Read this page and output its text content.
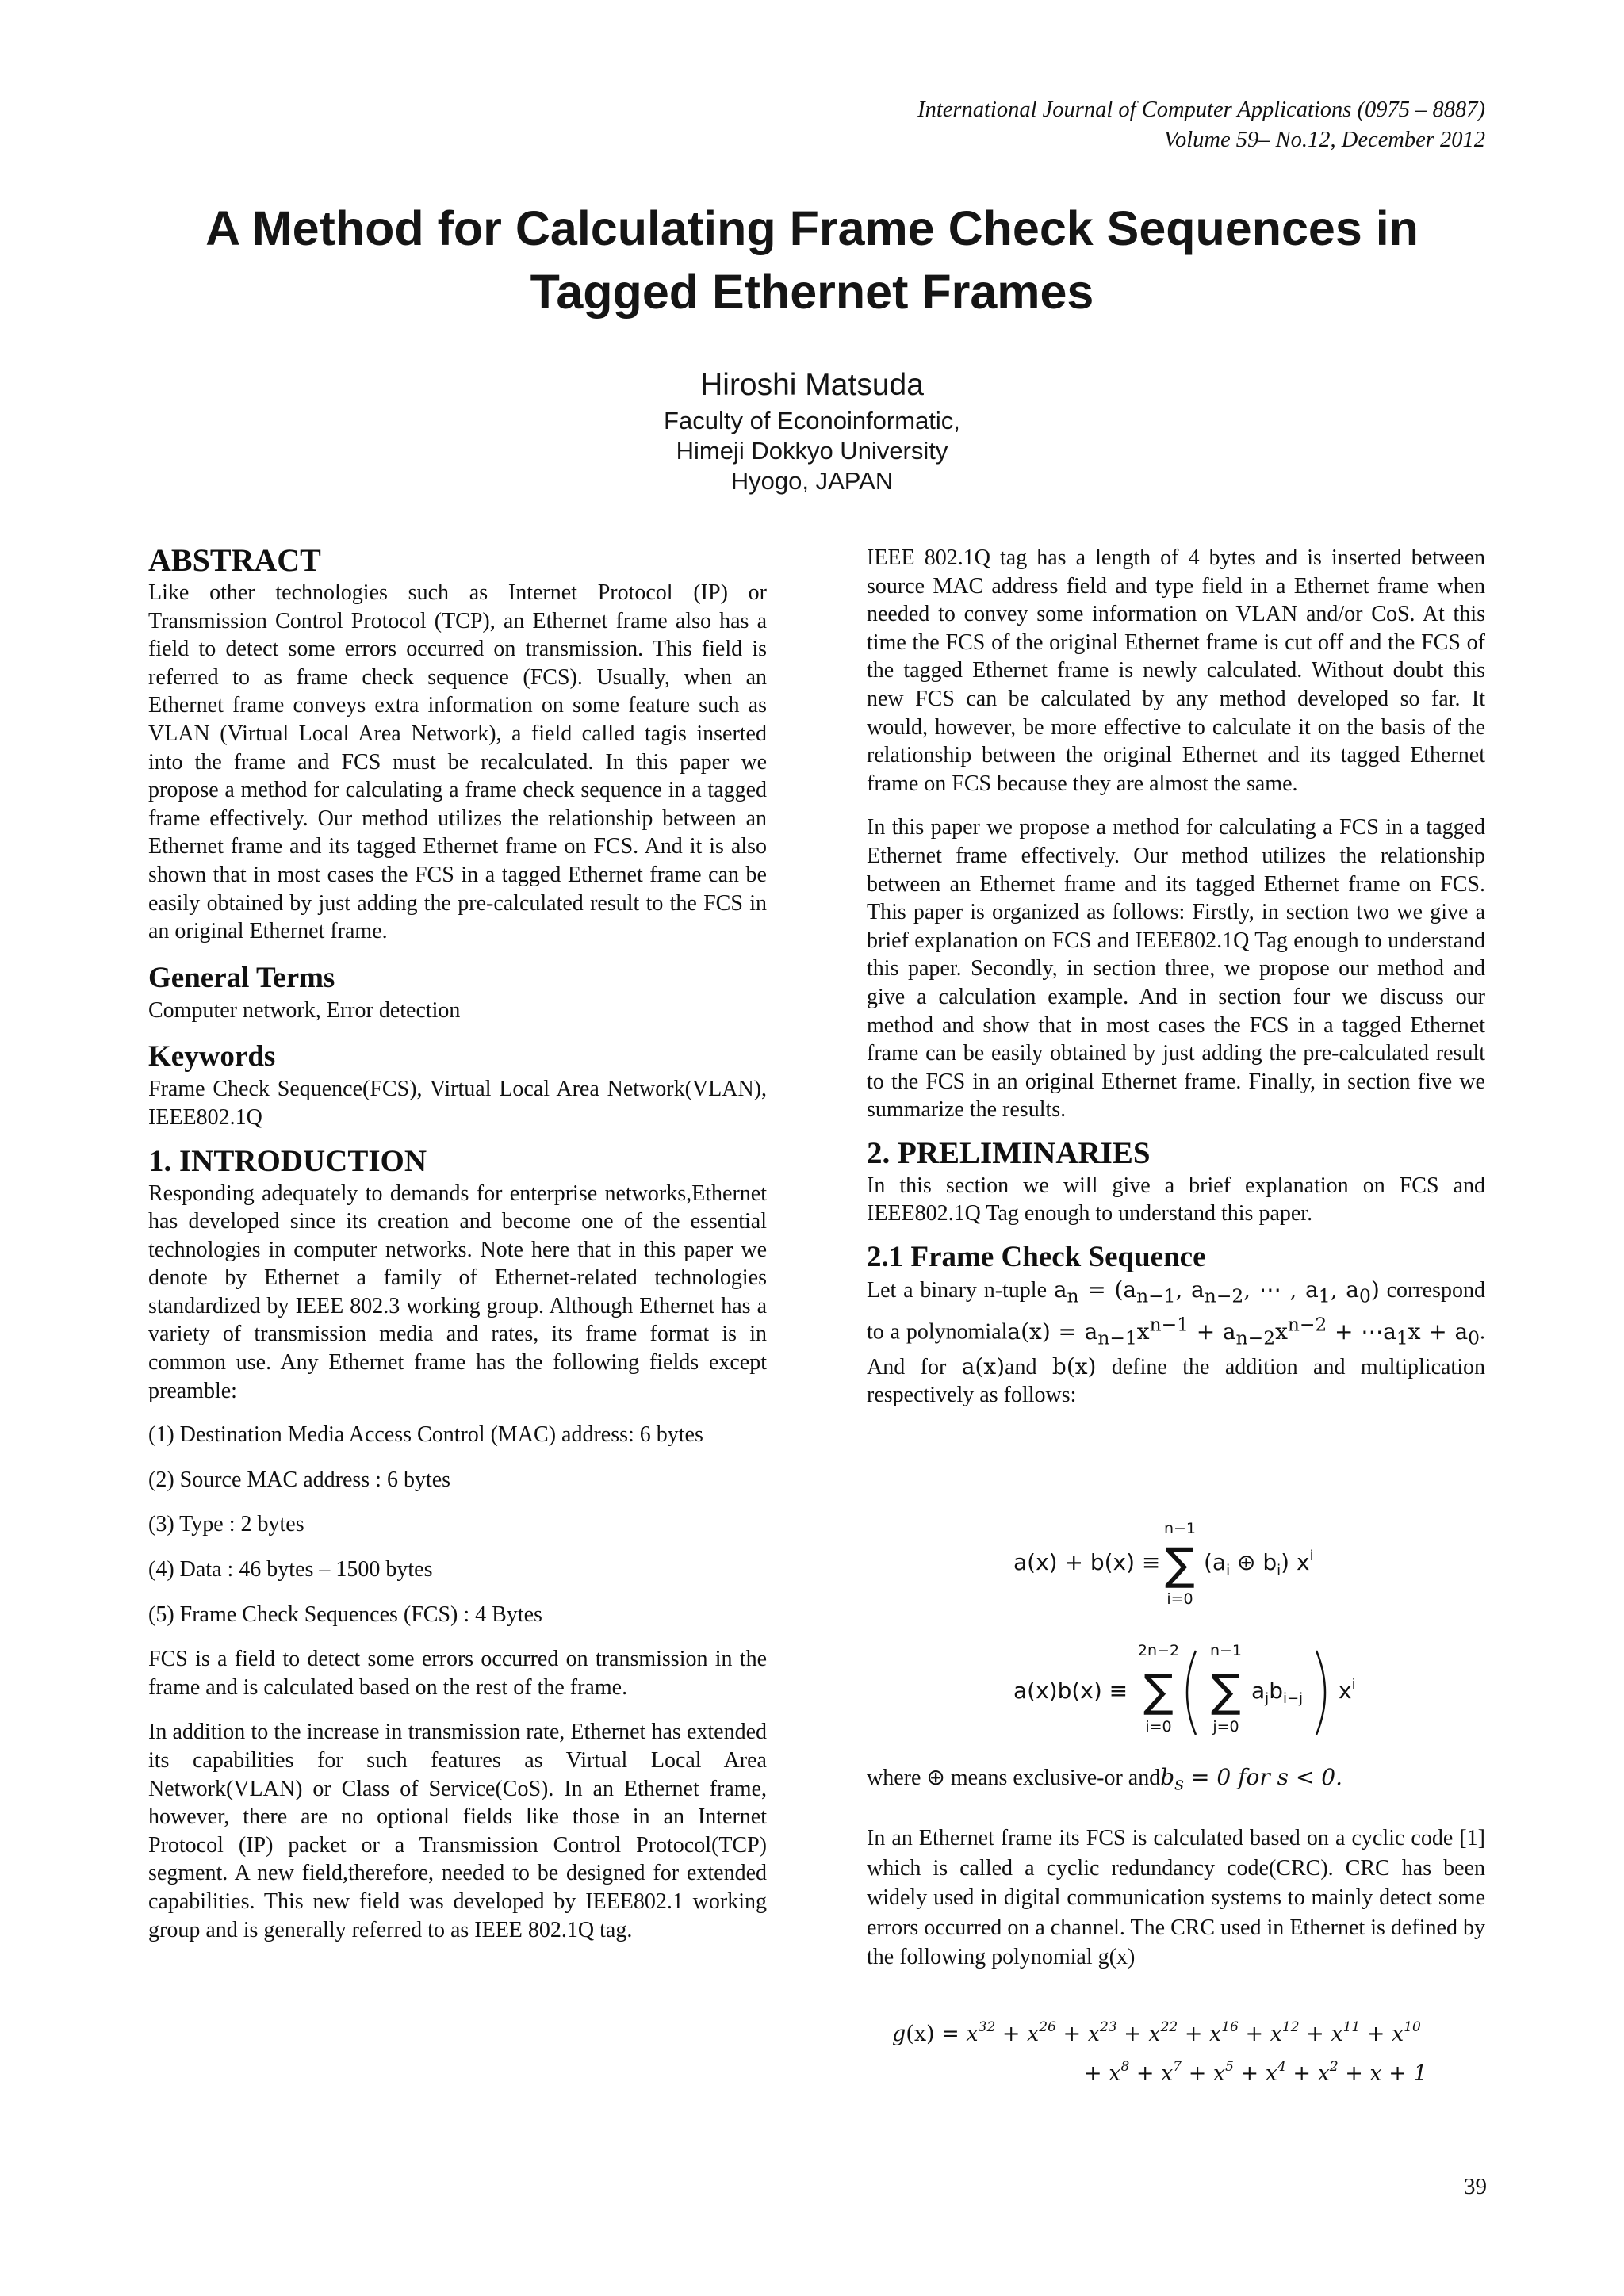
International Journal of Computer Applications (0975 – 8887)
Volume 59– No.12, December 2012
A Method for Calculating Frame Check Sequences in
Tagged Ethernet Frames
Hiroshi Matsuda
Faculty of Econoinformatic,
Himeji Dokkyo University
Hyogo, JAPAN
ABSTRACT

Like other technologies such as Internet Protocol (IP) or Transmission Control Protocol (TCP), an Ethernet frame also has a field to detect some errors occurred on transmission. This field is referred to as frame check sequence (FCS). Usually, when an Ethernet frame conveys extra information on some feature such as VLAN (Virtual Local Area Network), a field called tagis inserted into the frame and FCS must be recalculated. In this paper we propose a method for calculating a frame check sequence in a tagged frame effectively. Our method utilizes the relationship between an Ethernet frame and its tagged Ethernet frame on FCS. And it is also shown that in most cases the FCS in a tagged Ethernet frame can be easily obtained by just adding the pre-calculated result to the FCS in an original Ethernet frame.

General Terms

Computer network, Error detection

Keywords

Frame Check Sequence(FCS), Virtual Local Area Network(VLAN), IEEE802.1Q

1. INTRODUCTION

Responding adequately to demands for enterprise networks,Ethernet has developed since its creation and become one of the essential technologies in computer networks. Note here that in this paper we denote by Ethernet a family of Ethernet-related technologies standardized by IEEE 802.3 working group. Although Ethernet has a variety of transmission media and rates, its frame format is in common use. Any Ethernet frame has the following fields except preamble:

(1) Destination Media Access Control (MAC) address: 6 bytes

(2) Source MAC address : 6 bytes

(3) Type : 2 bytes

(4) Data : 46 bytes – 1500 bytes

(5) Frame Check Sequences (FCS) : 4 Bytes

FCS is a field to detect some errors occurred on transmission in the frame and is calculated based on the rest of the frame.

In addition to the increase in transmission rate, Ethernet has extended its capabilities for such features as Virtual Local Area Network(VLAN) or Class of Service(CoS). In an Ethernet frame, however, there are no optional fields like those in an Internet Protocol (IP) packet or a Transmission Control Protocol(TCP) segment. A new field,therefore, needed to be designed for extended capabilities. This new field was developed by IEEE802.1 working group and is generally referred to as IEEE 802.1Q tag.

IEEE 802.1Q tag has a length of 4 bytes and is inserted between source MAC address field and type field in a Ethernet frame when needed to convey some information on VLAN and/or CoS. At this time the FCS of the original Ethernet frame is cut off and the FCS of the tagged Ethernet frame is newly calculated. Without doubt this new FCS can be calculated by any method developed so far. It would, however, be more effective to calculate it on the basis of the relationship between the original Ethernet and its tagged Ethernet frame on FCS because they are almost the same.

In this paper we propose a method for calculating a FCS in a tagged Ethernet frame effectively. Our method utilizes the relationship between an Ethernet frame and its tagged Ethernet frame on FCS. This paper is organized as follows: Firstly, in section two we give a brief explanation on FCS and IEEE802.1Q Tag enough to understand this paper. Secondly, in section three, we propose our method and give a calculation example. And in section four we discuss our method and show that in most cases the FCS in a tagged Ethernet frame can be easily obtained by just adding the pre-calculated result to the FCS in an original Ethernet frame. Finally, in section five we summarize the results.

2. PRELIMINARIES

In this section we will give a brief explanation on FCS and IEEE802.1Q Tag enough to understand this paper.

2.1 Frame Check Sequence

Let a binary n-tuple $a_n = (a_{n-1}$, $a_{n-2}$, ⋯ , $a_1$, $a_0$) correspond to a polynomiala(x) = $a_{n-1}x^{n-1} + a_{n-2}x^{n-2}$ + $\cdots a_1x + a_0$. And for a(x)and b(x) define the addition and multiplication respectively as follows:

a(x) + b(x) ≡
n−1
∑
i=0
($a_i$ ⊕ $b_i$) $x^i$
a(x)b(x) ≡
2n−2
∑
i=0
n−1
∑
j=0
$a_jb_{i-j}$ $x^i$

where ⊕ means exclusive-or andb$_s$ = 0 for s < 0.

In an Ethernet frame its FCS is calculated based on a cyclic code [1] which is called a cyclic redundancy code(CRC). CRC has been widely used in digital communication systems to mainly detect some errors occurred on a channel. The CRC used in Ethernet is defined by the following polynomial g(x)

$g(x) = x^{32} + x^{26} + x^{23} + x^{22} + x^{16} + x^{12} + x^{11} + x^{10}$
+ $x^8 + x^7 + x^5 + x^4 + x^2 + x + 1$
39
